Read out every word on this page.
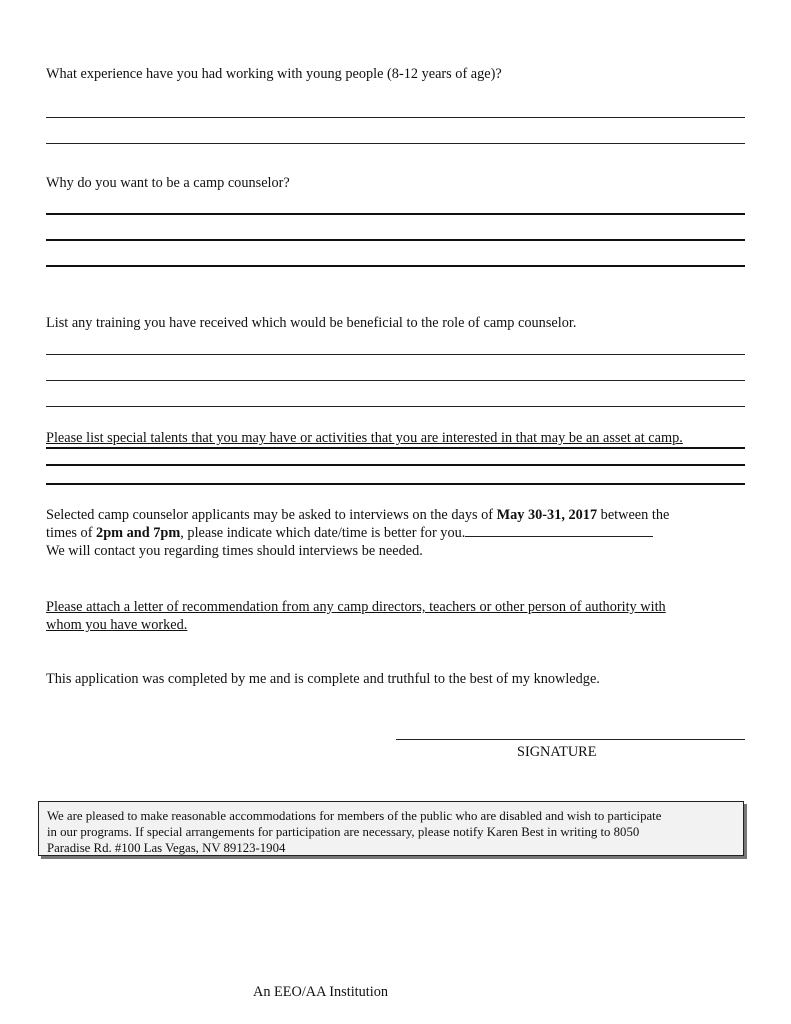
What experience have you had working with young people (8-12 years of age)?
Why do you want to be a camp counselor?
List any training you have received which would be beneficial to the role of camp counselor.
Please list special talents that you may have or activities that you are interested in that may be an asset at camp.
Selected camp counselor applicants may be asked to interviews on the days of May 30-31, 2017 between the
times of 2pm and 7pm, please indicate which date/time is better for you.
We will contact you regarding times should interviews be needed.
Please attach a letter of recommendation from any camp directors, teachers or other person of authority with
whom you have worked.
This application was completed by me and is complete and truthful to the best of my knowledge.
SIGNATURE
We are pleased to make reasonable accommodations for members of the public who are disabled and wish to participate
in our programs. If special arrangements for participation are necessary, please notify Karen Best in writing to 8050
Paradise Rd. #100 Las Vegas, NV 89123-1904
An EEO/AA Institution
